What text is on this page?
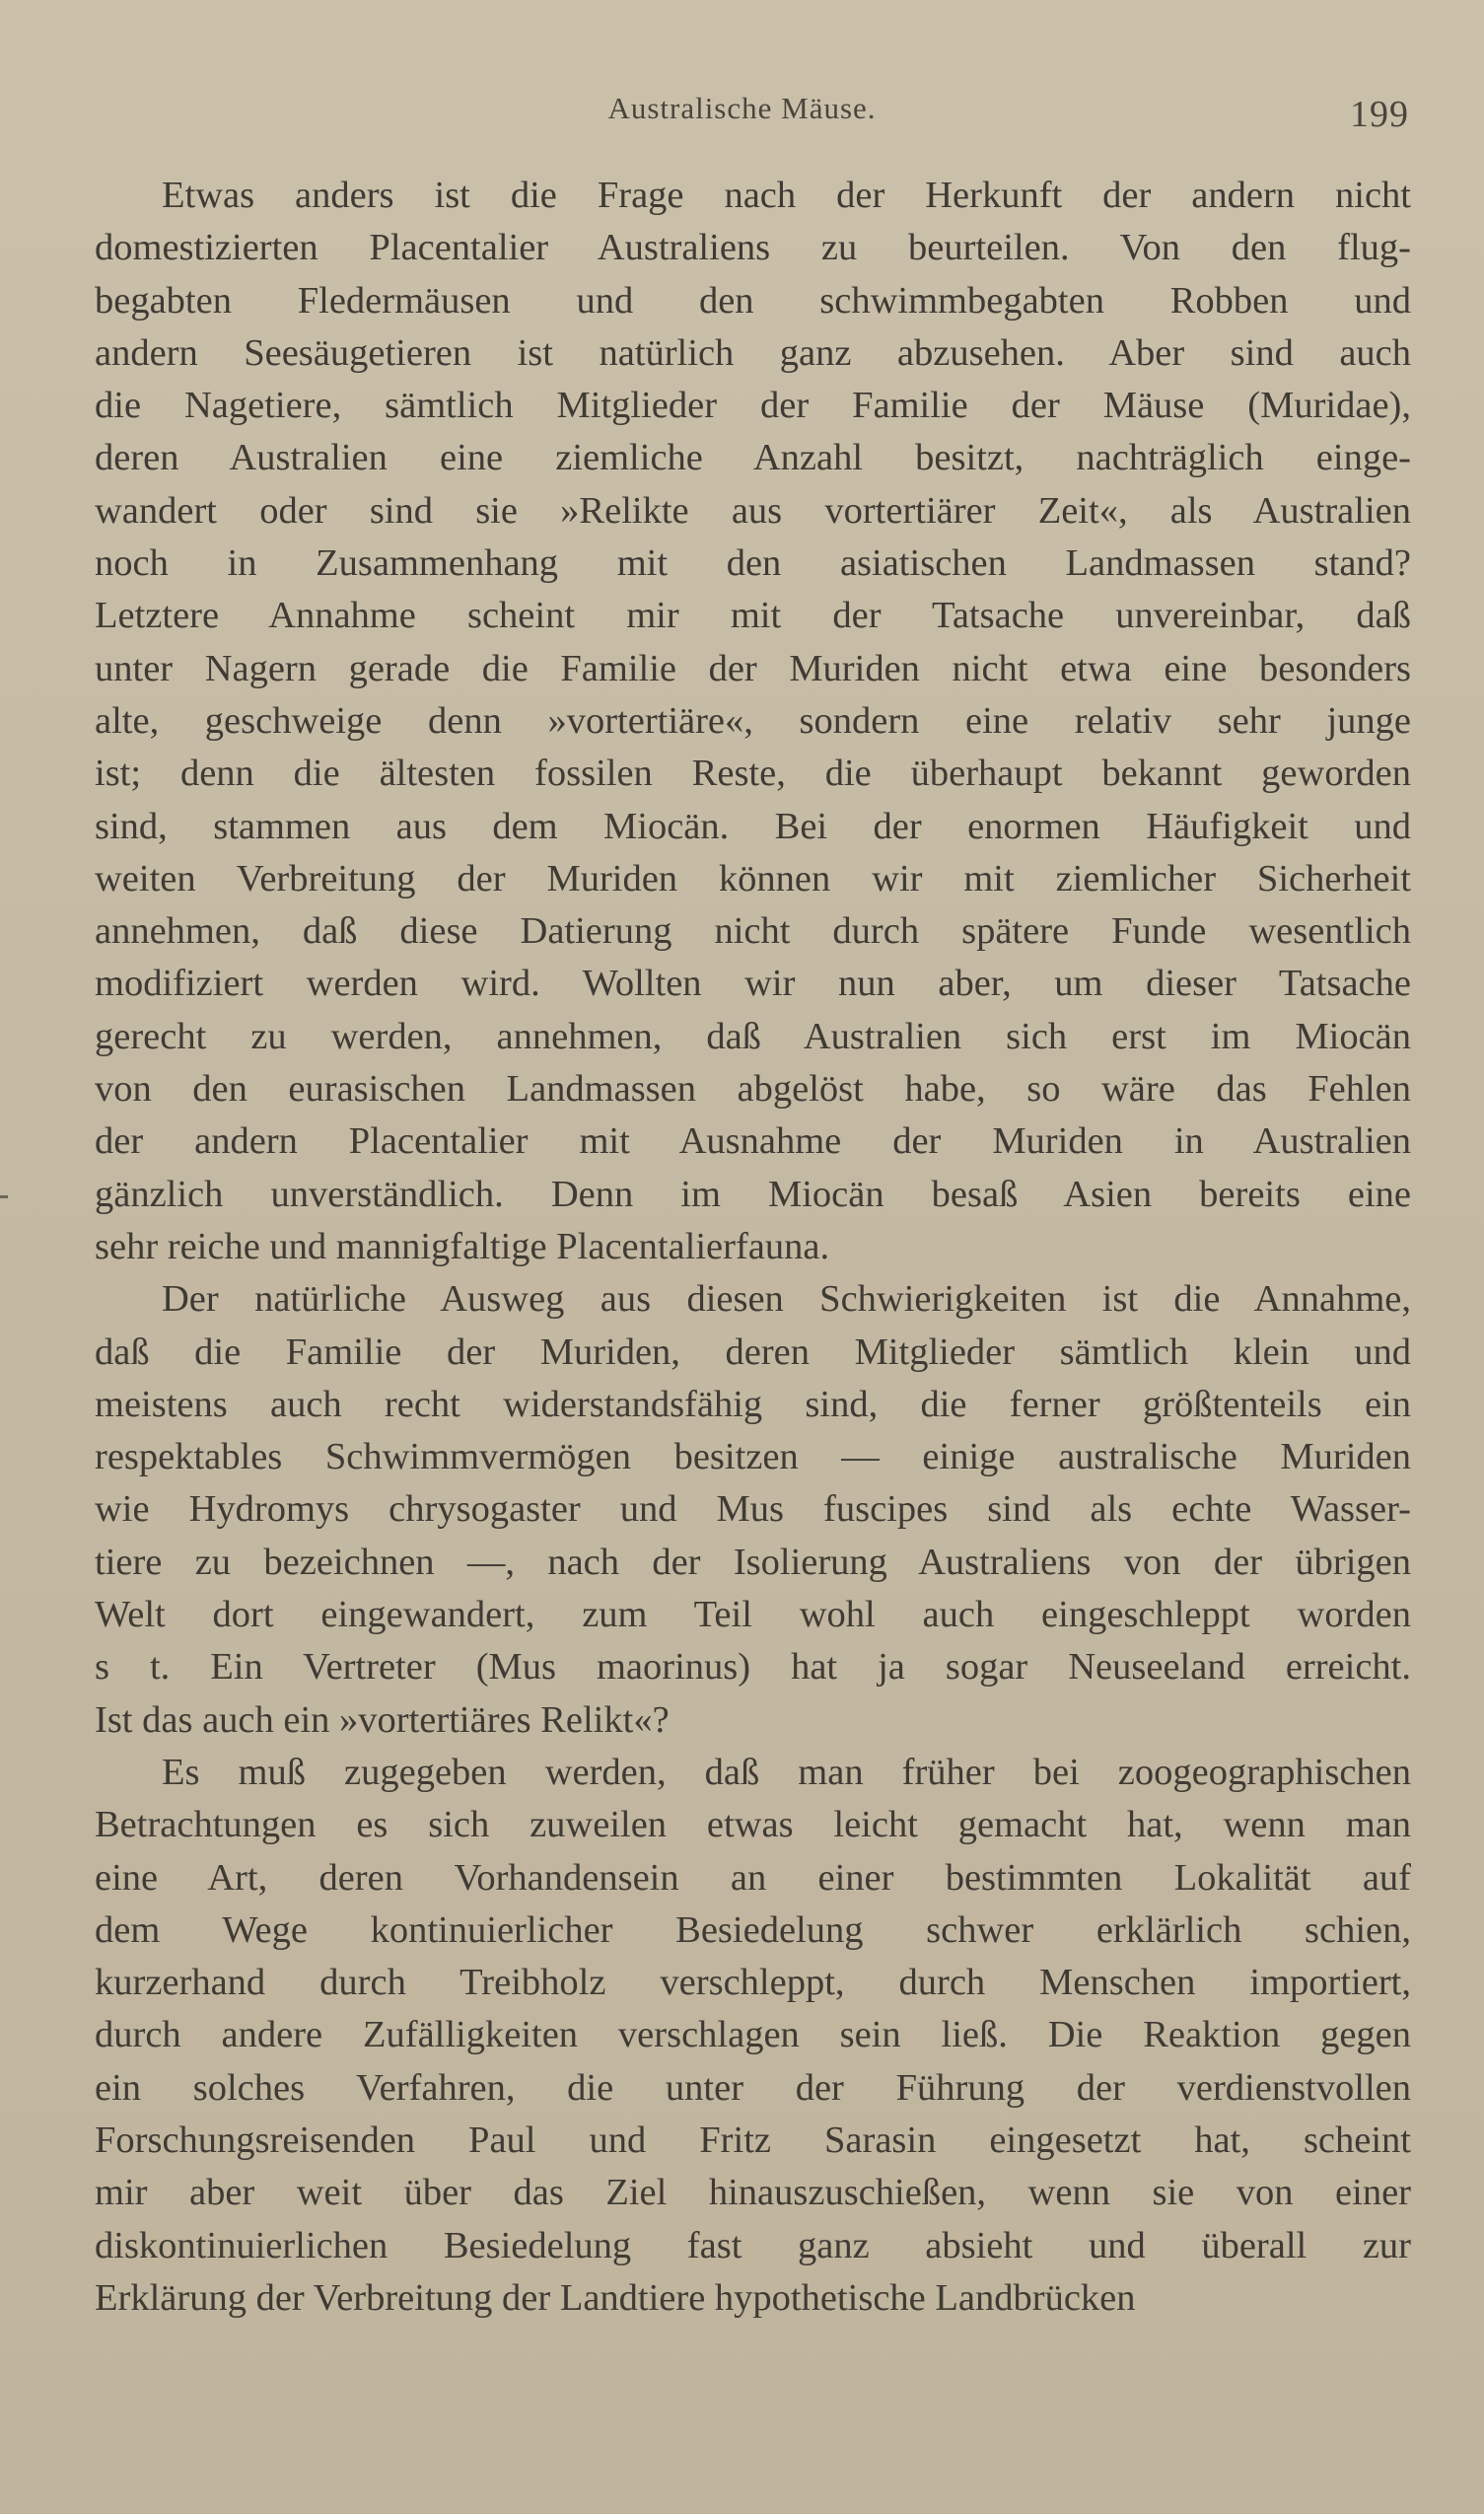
Australische Mäuse.	199
Etwas anders ist die Frage nach der Herkunft der andern nicht
domestizierten Placentalier Australiens zu beurteilen. Von den flug-
begabten Fledermäusen und den schwimmbegabten Robben und
andern Seesäugetieren ist natürlich ganz abzusehen. Aber sind auch
die Nagetiere, sämtlich Mitglieder der Familie der Mäuse (Muridae),
deren Australien eine ziemliche Anzahl besitzt, nachträglich einge-
wandert oder sind sie »Relikte aus vortertiärer Zeit«, als Australien
noch in Zusammenhang mit den asiatischen Landmassen stand?
Letztere Annahme scheint mir mit der Tatsache unvereinbar, daß
unter Nagern gerade die Familie der Muriden nicht etwa eine besonders
alte, geschweige denn »vortertiäre«, sondern eine relativ sehr junge
ist; denn die ältesten fossilen Reste, die überhaupt bekannt geworden
sind, stammen aus dem Miocän. Bei der enormen Häufigkeit und
weiten Verbreitung der Muriden können wir mit ziemlicher Sicherheit
annehmen, daß diese Datierung nicht durch spätere Funde wesentlich
modifiziert werden wird. Wollten wir nun aber, um dieser Tatsache
gerecht zu werden, annehmen, daß Australien sich erst im Miocän
von den eurasischen Landmassen abgelöst habe, so wäre das Fehlen
der andern Placentalier mit Ausnahme der Muriden in Australien
gänzlich unverständlich. Denn im Miocän besaß Asien bereits eine
sehr reiche und mannigfaltige Placentalierfauna.
Der natürliche Ausweg aus diesen Schwierigkeiten ist die Annahme,
daß die Familie der Muriden, deren Mitglieder sämtlich klein und
meistens auch recht widerstandsfähig sind, die ferner größtenteils ein
respektables Schwimmvermögen besitzen — einige australische Muriden
wie Hydromys chrysogaster und Mus fuscipes sind als echte Wasser-
tiere zu bezeichnen —, nach der Isolierung Australiens von der übrigen
Welt dort eingewandert, zum Teil wohl auch eingeschleppt worden
s t. Ein Vertreter (Mus maorinus) hat ja sogar Neuseeland erreicht.
Ist das auch ein »vortertiäres Relikt«?
Es muß zugegeben werden, daß man früher bei zoogeographischen
Betrachtungen es sich zuweilen etwas leicht gemacht hat, wenn man
eine Art, deren Vorhandensein an einer bestimmten Lokalität auf
dem Wege kontinuierlicher Besiedelung schwer erklärlich schien,
kurzerhand durch Treibholz verschleppt, durch Menschen importiert,
durch andere Zufälligkeiten verschlagen sein ließ. Die Reaktion gegen
ein solches Verfahren, die unter der Führung der verdienstvollen
Forschungsreisenden Paul und Fritz Sarasin eingesetzt hat, scheint
mir aber weit über das Ziel hinauszuschießen, wenn sie von einer
diskontinuierlichen Besiedelung fast ganz absieht und überall zur
Erklärung der Verbreitung der Landtiere hypothetische Landbrücken
